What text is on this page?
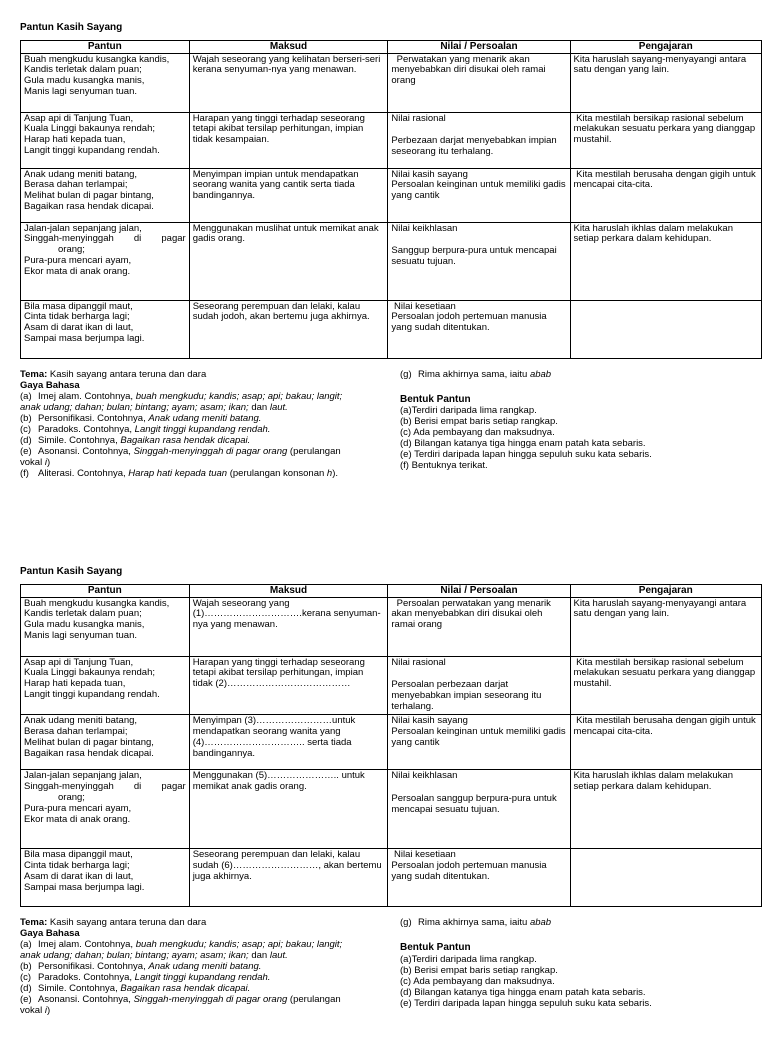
Pantun Kasih Sayang
Pantun	Maksud	Nilai / Persoalan	Pengajaran

Buah mengkudu kusangka kandis,
Kandis terletak dalam puan;
Gula madu kusangka manis,
Manis lagi senyuman tuan.	Wajah seseorang yang kelihatan berseri-seri kerana senyuman-nya yang menawan.	Perwatakan yang menarik akan menyebabkan diri disukai oleh ramai orang	Kita haruslah sayang-menyayangi antara satu dengan yang lain.

Asap api di Tanjung Tuan,
Kuala Linggi bakaunya rendah;
Harap hati kepada tuan,
Langit tinggi kupandang rendah.	Harapan yang tinggi terhadap seseorang tetapi akibat tersilap perhitungan, impian tidak kesampaian.	Nilai rasional
Perbezaan darjat menyebabkan impian seseorang itu terhalang.	Kita mestilah bersikap rasional sebelum melakukan sesuatu perkara yang dianggap mustahil.

Anak udang meniti batang,
Berasa dahan terlampai;
Melihat bulan di pagar bintang,
Bagaikan rasa hendak dicapai.	Menyimpan impian untuk mendapatkan seorang wanita yang cantik serta tiada bandingannya.	Nilai kasih sayang
Persoalan keinginan untuk memiliki gadis yang cantik	Kita mestilah berusaha dengan gigih untuk mencapai cita-cita.

Jalan-jalan sepanjang jalan,
Singgah-menyinggah di pagar
orang;
Pura-pura mencari ayam,
Ekor mata di anak orang.	Menggunakan muslihat untuk memikat anak gadis orang.	Nilai keikhlasan
Sanggup berpura-pura untuk mencapai sesuatu tujuan.	Kita haruslah ikhlas dalam melakukan setiap perkara dalam kehidupan.

Bila masa dipanggil maut,
Cinta tidak berharga lagi;
Asam di darat ikan di laut,
Sampai masa berjumpa lagi.	Seseorang perempuan dan lelaki, kalau sudah jodoh, akan bertemu juga akhirnya.	Nilai kesetiaan
Persoalan jodoh pertemuan manusia yang sudah ditentukan.	

Tema: Kasih sayang antara teruna dan dara
Gaya Bahasa
(a) Imej alam. Contohnya, buah mengkudu; kandis; asap; api; bakau; langit;
anak udang; dahan; bulan; bintang; ayam; asam; ikan; dan laut.
(b) Personifikasi. Contohnya, Anak udang meniti batang.
(c) Paradoks. Contohnya, Langit tinggi kupandang rendah.
(d) Simile. Contohnya, Bagaikan rasa hendak dicapai.
(e) Asonansi. Contohnya, Singgah-menyinggah di pagar orang (perulangan
vokal i)
(f) Aliterasi. Contohnya, Harap hati kepada tuan (perulangan konsonan h).
(g) Rima akhirnya sama, iaitu abab
Bentuk Pantun
(a)Terdiri daripada lima rangkap.
(b) Berisi empat baris setiap rangkap.
(c) Ada pembayang dan maksudnya.
(d) Bilangan katanya tiga hingga enam patah kata sebaris.
(e) Terdiri daripada lapan hingga sepuluh suku kata sebaris.
(f) Bentuknya terikat.
Pantun Kasih Sayang
Pantun	Maksud	Nilai / Persoalan	Pengajaran

Buah mengkudu kusangka kandis,
Kandis terletak dalam puan;
Gula madu kusangka manis,
Manis lagi senyuman tuan.	Wajah seseorang yang (1)………………………….kerana senyuman-nya yang menawan.	Persoalan perwatakan yang menarik akan menyebabkan diri disukai oleh ramai orang	Kita haruslah sayang-menyayangi antara satu dengan yang lain.

Asap api di Tanjung Tuan,
Kuala Linggi bakaunya rendah;
Harap hati kepada tuan,
Langit tinggi kupandang rendah.	Harapan yang tinggi terhadap seseorang tetapi akibat tersilap perhitungan, impian tidak (2)…………………………………	Nilai rasional
Persoalan perbezaan darjat menyebabkan impian seseorang itu terhalang.	Kita mestilah bersikap rasional sebelum melakukan sesuatu perkara yang dianggap mustahil.

Anak udang meniti batang,
Berasa dahan terlampai;
Melihat bulan di pagar bintang,
Bagaikan rasa hendak dicapai.	Menyimpan (3)……………………untuk mendapatkan seorang wanita yang (4)………………………….. serta tiada bandingannya.	Nilai kasih sayang
Persoalan keinginan untuk memiliki gadis yang cantik	Kita mestilah berusaha dengan gigih untuk mencapai cita-cita.

Jalan-jalan sepanjang jalan,
Singgah-menyinggah di pagar
orang;
Pura-pura mencari ayam,
Ekor mata di anak orang.	Menggunakan (5)………………….. untuk memikat anak gadis orang.	Nilai keikhlasan
Persoalan sanggup berpura-pura untuk mencapai sesuatu tujuan.	Kita haruslah ikhlas dalam melakukan setiap perkara dalam kehidupan.

Bila masa dipanggil maut,
Cinta tidak berharga lagi;
Asam di darat ikan di laut,
Sampai masa berjumpa lagi.	Seseorang perempuan dan lelaki, kalau sudah (6)………………………, akan bertemu juga akhirnya.	Nilai kesetiaan
Persoalan jodoh pertemuan manusia yang sudah ditentukan.	

Tema: Kasih sayang antara teruna dan dara
Gaya Bahasa
(a) Imej alam. Contohnya, buah mengkudu; kandis; asap; api; bakau; langit;
anak udang; dahan; bulan; bintang; ayam; asam; ikan; dan laut.
(b) Personifikasi. Contohnya, Anak udang meniti batang.
(c) Paradoks. Contohnya, Langit tinggi kupandang rendah.
(d) Simile. Contohnya, Bagaikan rasa hendak dicapai.
(e) Asonansi. Contohnya, Singgah-menyinggah di pagar orang (perulangan
vokal i)
(g) Rima akhirnya sama, iaitu abab
Bentuk Pantun
(a)Terdiri daripada lima rangkap.
(b) Berisi empat baris setiap rangkap.
(c) Ada pembayang dan maksudnya.
(d) Bilangan katanya tiga hingga enam patah kata sebaris.
(e) Terdiri daripada lapan hingga sepuluh suku kata sebaris.
